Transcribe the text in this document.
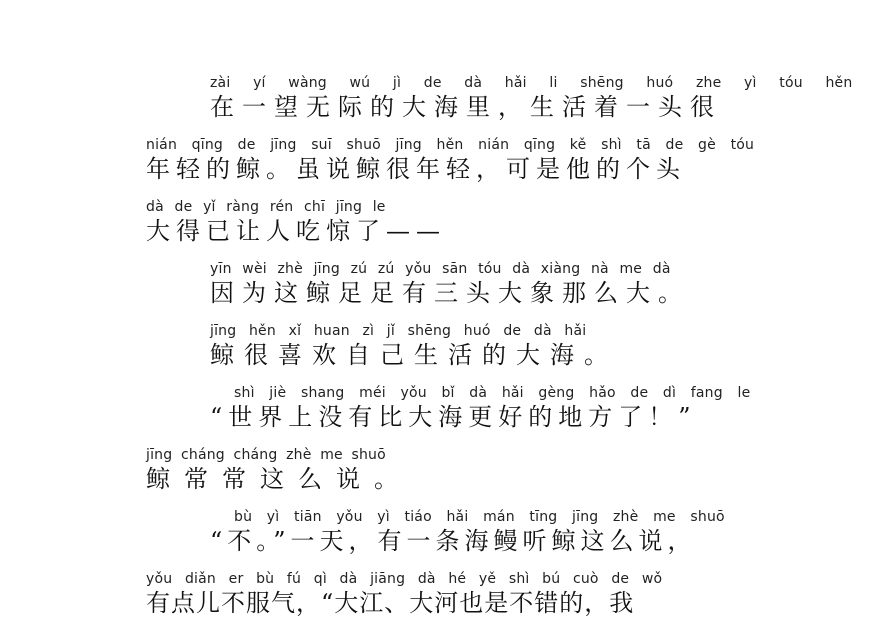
zài yí wàng wú jì de dà hǎi li shēng huó zhe yì tóu hěn
在一望无际的大海里，生活着一头很
nián qīng de jīng suī shuō jīng hěn nián qīng kě shì tā de gè tóu
年轻的鲸。虽说鲸很年轻，可是他的个头
dà de yǐ ràng rén chī jīng le
大得已让人吃惊了——
yīn wèi zhè jīng zú zú yǒu sān tóu dà xiàng nà me dà
因为这鲸足足有三头大象那么大。
jīng hěn xǐ huan zì jǐ shēng huó de dà hǎi
鲸很喜欢自己生活的大海。
shì jiè shang méi yǒu bǐ dà hǎi gèng hǎo de dì fang le
“世界上没有比大海更好的地方了！”
jīng cháng cháng zhè me shuō
鲸常常这么说。
bù yì tiān yǒu yì tiáo hǎi mán tīng jīng zhè me shuō
“不。”一天，有一条海鳗听鲸这么说，
yǒu diǎn er bù fú qì dà jiāng dà hé yě shì bú cuò de wǒ
有点儿不服气，“大江、大河也是不错的，我
